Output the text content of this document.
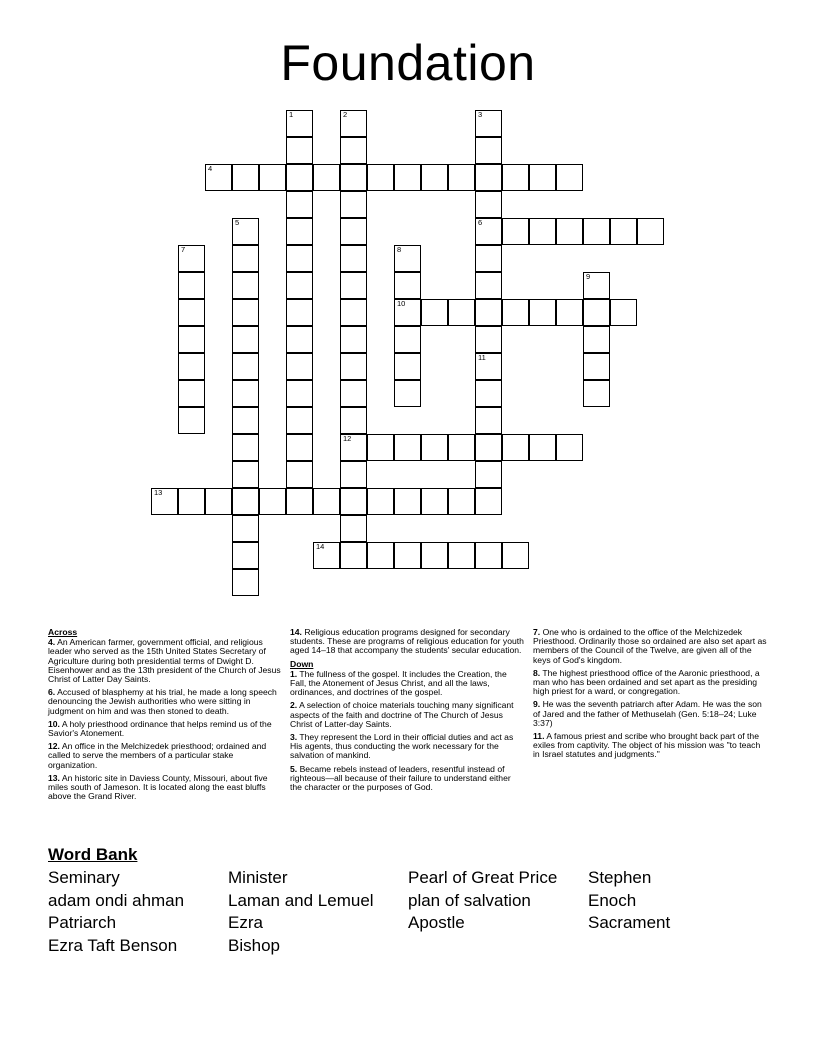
Foundation
1	2
12
3
6
11
4
5
7	8
10
9
13
14
Across
4. An American farmer, government official, and religious leader who served as the 15th United States Secretary of Agriculture during both presidential terms of Dwight D. Eisenhower and as the 13th president of the Church of Jesus Christ of Latter Day Saints.
6. Accused of blasphemy at his trial, he made a long speech denouncing the Jewish authorities who were sitting in judgment on him and was then stoned to death.
10. A holy priesthood ordinance that helps remind us of the Savior's Atonement.
12. An office in the Melchizedek priesthood; ordained and called to serve the members of a particular stake organization.
13. An historic site in Daviess County, Missouri, about five miles south of Jameson. It is located along the east bluffs above the Grand River.
14. Religious education programs designed for secondary students. These are programs of religious education for youth aged 14–18 that accompany the students' secular education.
Down
1. The fullness of the gospel. It includes the Creation, the Fall, the Atonement of Jesus Christ, and all the laws, ordinances, and doctrines of the gospel.
2. A selection of choice materials touching many significant aspects of the faith and doctrine of The Church of Jesus Christ of Latter-day Saints.
3. They represent the Lord in their official duties and act as His agents, thus conducting the work necessary for the salvation of mankind.
5. Became rebels instead of leaders, resentful instead of righteous—all because of their failure to understand either the character or the purposes of God.
7. One who is ordained to the office of the Melchizedek Priesthood. Ordinarily those so ordained are also set apart as members of the Council of the Twelve, are given all of the keys of God's kingdom.
8. The highest priesthood office of the Aaronic priesthood, a man who has been ordained and set apart as the presiding high priest for a ward, or congregation.
9. He was the seventh patriarch after Adam. He was the son of Jared and the father of Methuselah (Gen. 5:18–24; Luke 3:37)
11. A famous priest and scribe who brought back part of the exiles from captivity. The object of his mission was "to teach in Israel statutes and judgments."
Word Bank
Seminary	Minister	Pearl of Great Price	Stephen
adam ondi ahman	Laman and Lemuel	plan of salvation	Enoch
Patriarch	Ezra	Apostle	Sacrament
Ezra Taft Benson	Bishop
